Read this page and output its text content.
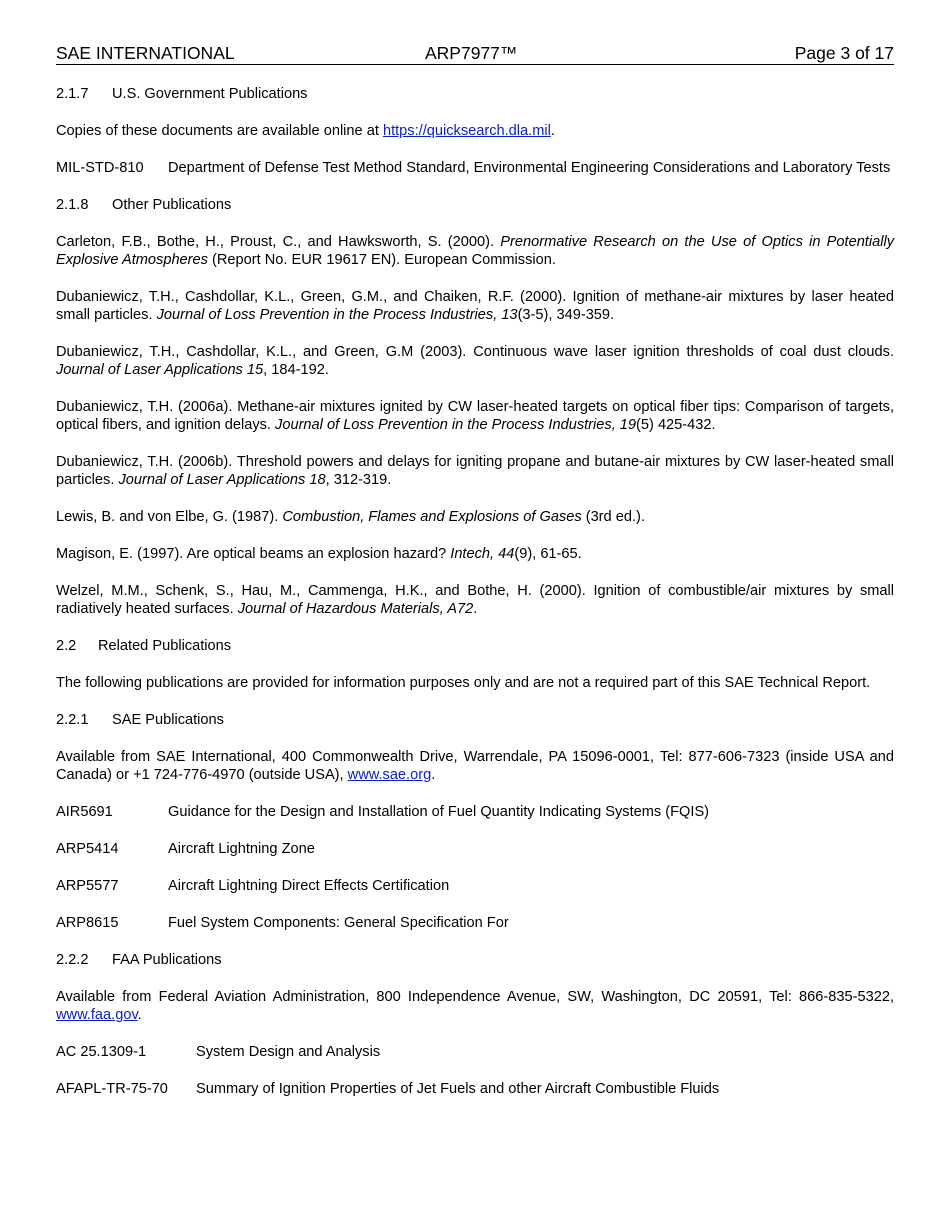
SAE INTERNATIONAL	ARP7977™	Page 3 of 17
2.1.7	U.S. Government Publications
Copies of these documents are available online at https://quicksearch.dla.mil.
MIL-STD-810	Department of Defense Test Method Standard, Environmental Engineering Considerations and Laboratory Tests
2.1.8	Other Publications
Carleton, F.B., Bothe, H., Proust, C., and Hawksworth, S. (2000). Prenormative Research on the Use of Optics in Potentially Explosive Atmospheres (Report No. EUR 19617 EN). European Commission.
Dubaniewicz, T.H., Cashdollar, K.L., Green, G.M., and Chaiken, R.F. (2000). Ignition of methane-air mixtures by laser heated small particles. Journal of Loss Prevention in the Process Industries, 13(3-5), 349-359.
Dubaniewicz, T.H., Cashdollar, K.L., and Green, G.M (2003). Continuous wave laser ignition thresholds of coal dust clouds. Journal of Laser Applications 15, 184-192.
Dubaniewicz, T.H. (2006a). Methane-air mixtures ignited by CW laser-heated targets on optical fiber tips: Comparison of targets, optical fibers, and ignition delays. Journal of Loss Prevention in the Process Industries, 19(5) 425-432.
Dubaniewicz, T.H. (2006b). Threshold powers and delays for igniting propane and butane-air mixtures by CW laser-heated small particles. Journal of Laser Applications 18, 312-319.
Lewis, B. and von Elbe, G. (1987). Combustion, Flames and Explosions of Gases (3rd ed.).
Magison, E. (1997). Are optical beams an explosion hazard? Intech, 44(9), 61-65.
Welzel, M.M., Schenk, S., Hau, M., Cammenga, H.K., and Bothe, H. (2000). Ignition of combustible/air mixtures by small radiatively heated surfaces. Journal of Hazardous Materials, A72.
2.2	Related Publications
The following publications are provided for information purposes only and are not a required part of this SAE Technical Report.
2.2.1	SAE Publications
Available from SAE International, 400 Commonwealth Drive, Warrendale, PA 15096-0001, Tel: 877-606-7323 (inside USA and Canada) or +1 724-776-4970 (outside USA), www.sae.org.
AIR5691	Guidance for the Design and Installation of Fuel Quantity Indicating Systems (FQIS)
ARP5414	Aircraft Lightning Zone
ARP5577	Aircraft Lightning Direct Effects Certification
ARP8615	Fuel System Components: General Specification For
2.2.2	FAA Publications
Available from Federal Aviation Administration, 800 Independence Avenue, SW, Washington, DC 20591, Tel: 866-835-5322, www.faa.gov.
AC 25.1309-1	System Design and Analysis
AFAPL-TR-75-70	Summary of Ignition Properties of Jet Fuels and other Aircraft Combustible Fluids
